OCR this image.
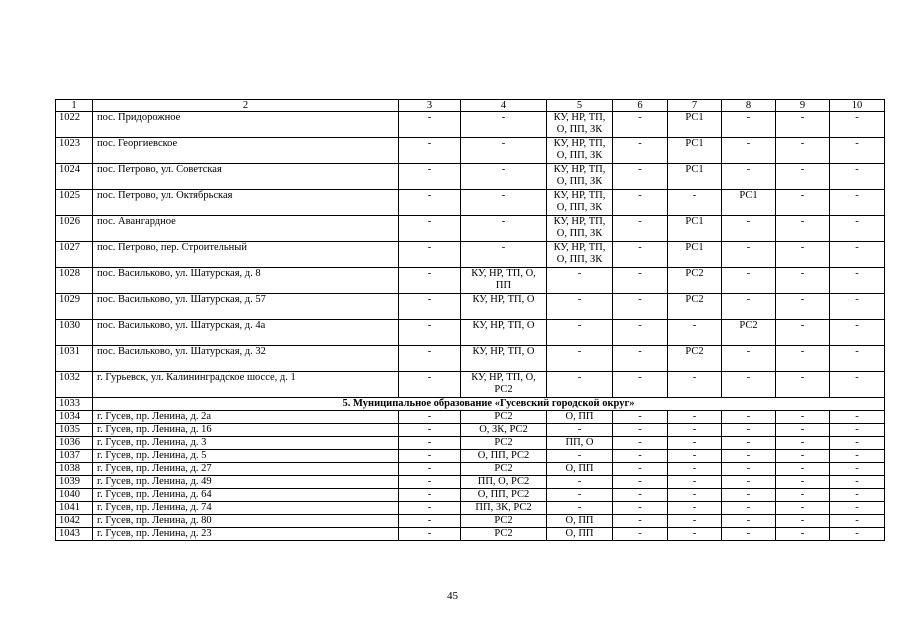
1	2	3	4	5	6	7	8	9	10
1022	пос. Придорожное	-	-	КУ, НР, ТП, О, ПП, ЗК	-	РС1	-	-	-
1023	пос. Георгиевское	-	-	КУ, НР, ТП, О, ПП, ЗК	-	РС1	-	-	-
1024	пос. Петрово, ул. Советская	-	-	КУ, НР, ТП, О, ПП, ЗК	-	РС1	-	-	-
1025	пос. Петрово, ул. Октябрьская	-	-	КУ, НР, ТП, О, ПП, ЗК	-	-	РС1	-	-
1026	пос. Авангардное	-	-	КУ, НР, ТП, О, ПП, ЗК	-	РС1	-	-	-
1027	пос. Петрово, пер. Строительный	-	-	КУ, НР, ТП, О, ПП, ЗК	-	РС1	-	-	-
1028	пос. Васильково, ул. Шатурская, д. 8	-	КУ, НР, ТП, О, ПП	-	-	РС2	-	-	-
1029	пос. Васильково, ул. Шатурская, д. 57	-	КУ, НР, ТП, О	-	-	РС2	-	-	-
1030	пос. Васильково, ул. Шатурская, д. 4а	-	КУ, НР, ТП, О	-	-	-	РС2	-	-
1031	пос. Васильково, ул. Шатурская, д. 32	-	КУ, НР, ТП, О	-	-	РС2	-	-	-
1032	г. Гурьевск, ул. Калининградское шоссе, д. 1	-	КУ, НР, ТП, О, РС2	-	-	-	-	-	-
1033	5. Муниципальное образование «Гусевский городской округ»								
1034	г. Гусев, пр. Ленина, д. 2а	-	РС2	О, ПП	-	-	-	-	-
1035	г. Гусев, пр. Ленина, д. 16	-	О, ЗК, РС2	-	-	-	-	-	-
1036	г. Гусев, пр. Ленина, д. 3	-	РС2	ПП, О	-	-	-	-	-
1037	г. Гусев, пр. Ленина, д. 5	-	О, ПП, РС2	-	-	-	-	-	-
1038	г. Гусев, пр. Ленина, д. 27	-	РС2	О, ПП	-	-	-	-	-
1039	г. Гусев, пр. Ленина, д. 49	-	ПП, О, РС2	-	-	-	-	-	-
1040	г. Гусев, пр. Ленина, д. 64	-	О, ПП, РС2	-	-	-	-	-	-
1041	г. Гусев, пр. Ленина, д. 74	-	ПП, ЗК, РС2	-	-	-	-	-	-
1042	г. Гусев, пр. Ленина, д. 80	-	РС2	О, ПП	-	-	-	-	-
1043	г. Гусев, пр. Ленина, д. 23	-	РС2	О, ПП	-	-	-	-	-
45
